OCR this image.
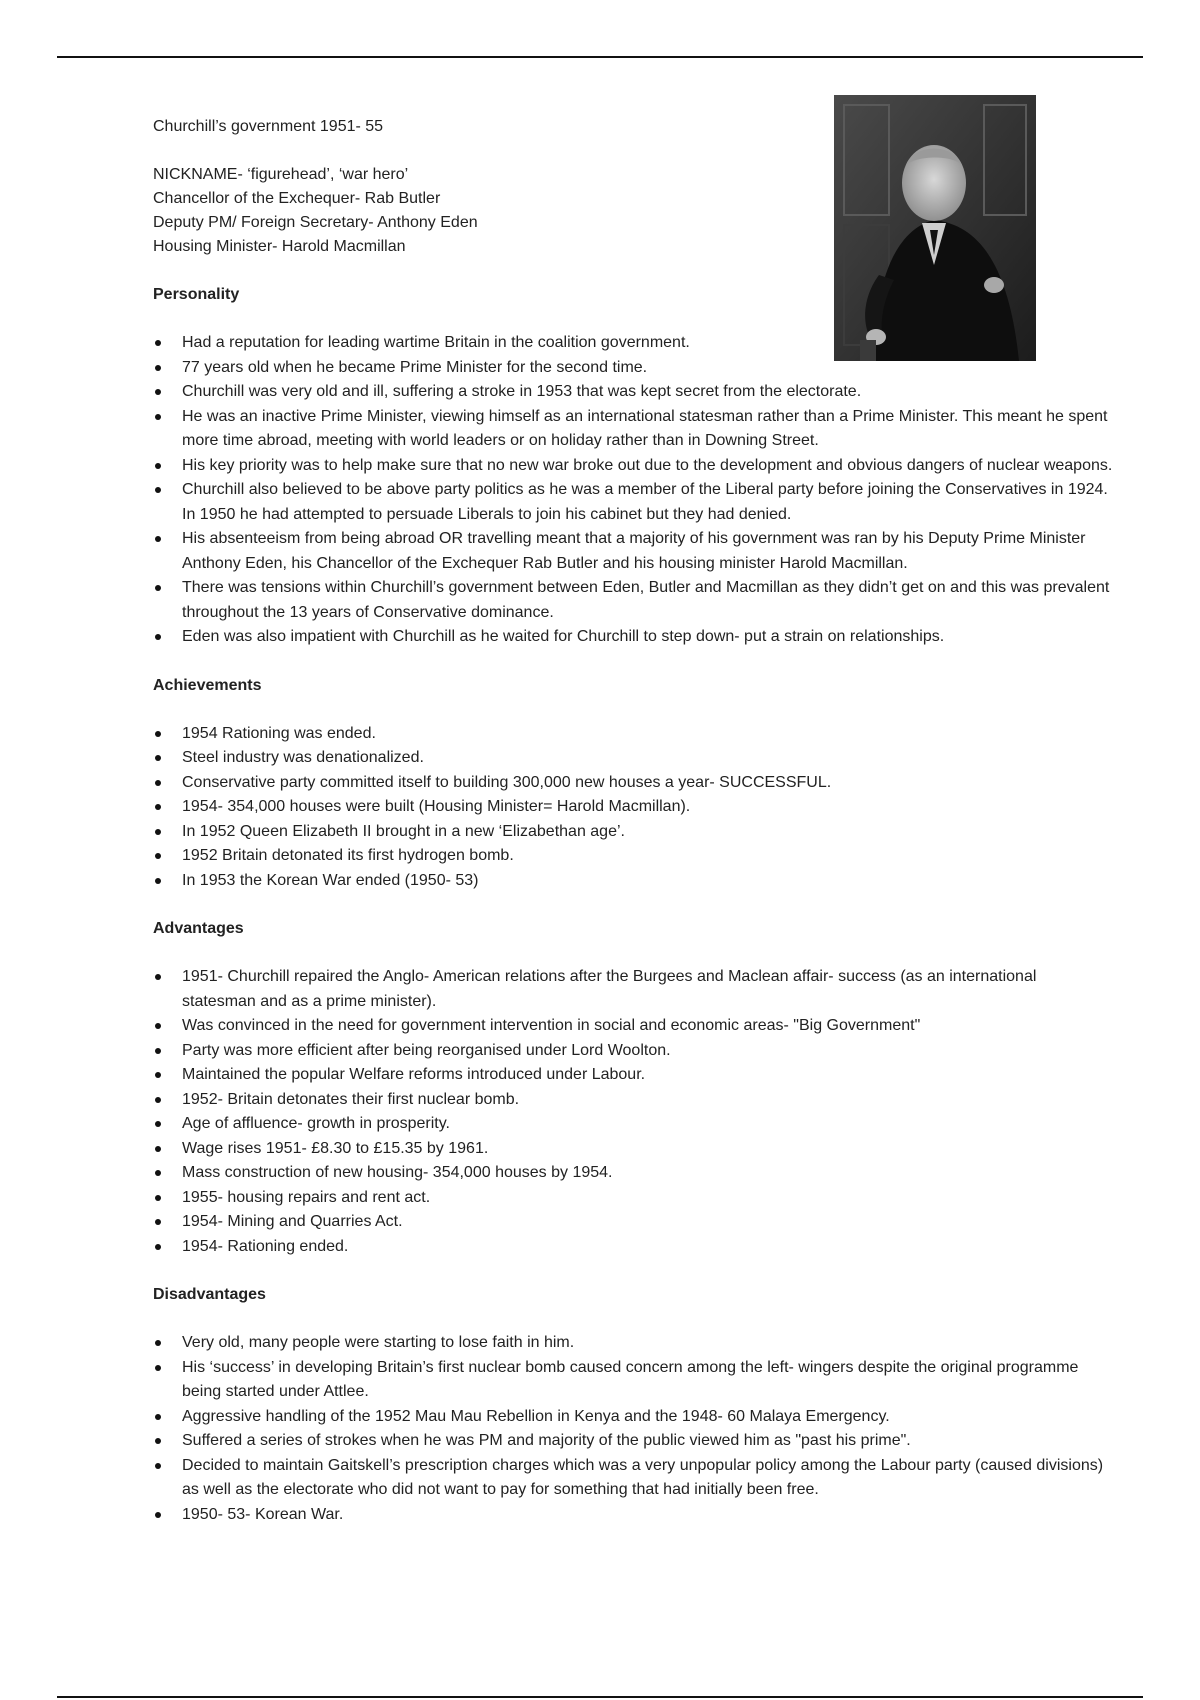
Churchill’s government 1951- 55

NICKNAME- ‘figurehead’, ‘war hero’

Chancellor of the Exchequer- Rab Butler

Deputy PM/ Foreign Secretary- Anthony Eden

Housing Minister- Harold Macmillan

Personality

Had a reputation for leading wartime Britain in the coalition government.
77 years old when he became Prime Minister for the second time.
Churchill was very old and ill, suffering a stroke in 1953 that was kept secret from the electorate.
He was an inactive Prime Minister, viewing himself as an international statesman rather than a Prime Minister. This meant he spent more time abroad, meeting with world leaders or on holiday rather than in Downing Street.
His key priority was to help make sure that no new war broke out due to the development and obvious dangers of nuclear weapons.
Churchill also believed to be above party politics as he was a member of the Liberal party before joining the Conservatives in 1924. In 1950 he had attempted to persuade Liberals to join his cabinet but they had denied.
His absenteeism from being abroad OR travelling meant that a majority of his government was ran by his Deputy Prime Minister Anthony Eden, his Chancellor of the Exchequer Rab Butler and his housing minister Harold Macmillan.
There was tensions within Churchill’s government between Eden, Butler and Macmillan as they didn’t get on and this was prevalent throughout the 13 years of Conservative dominance.
Eden was also impatient with Churchill as he waited for Churchill to step down- put a strain on relationships.

Achievements

1954 Rationing was ended.
Steel industry was denationalized.
Conservative party committed itself to building 300,000 new houses a year- SUCCESSFUL.
1954- 354,000 houses were built (Housing Minister= Harold Macmillan).
In 1952 Queen Elizabeth II brought in a new ‘Elizabethan age’.
1952 Britain detonated its first hydrogen bomb.
In 1953 the Korean War ended (1950- 53)

Advantages

1951- Churchill repaired the Anglo- American relations after the Burgees and Maclean affair- success (as an international statesman and as a prime minister).
Was convinced in the need for government intervention in social and economic areas- "Big Government"
Party was more efficient after being reorganised under Lord Woolton.
Maintained the popular Welfare reforms introduced under Labour.
1952- Britain detonates their first nuclear bomb.
Age of affluence- growth in prosperity.
Wage rises 1951- £8.30 to £15.35 by 1961.
Mass construction of new housing- 354,000 houses by 1954.
1955- housing repairs and rent act.
1954- Mining and Quarries Act.
1954- Rationing ended.

Disadvantages

Very old, many people were starting to lose faith in him.
His ‘success’ in developing Britain’s first nuclear bomb caused concern among the left- wingers despite the original programme being started under Attlee.
Aggressive handling of the 1952 Mau Mau Rebellion in Kenya and the 1948- 60 Malaya Emergency.
Suffered a series of strokes when he was PM and majority of the public viewed him as "past his prime".
Decided to maintain Gaitskell’s prescription charges which was a very unpopular policy among the Labour party (caused divisions) as well as the electorate who did not want to pay for something that had initially been free.
1950- 53- Korean War.
